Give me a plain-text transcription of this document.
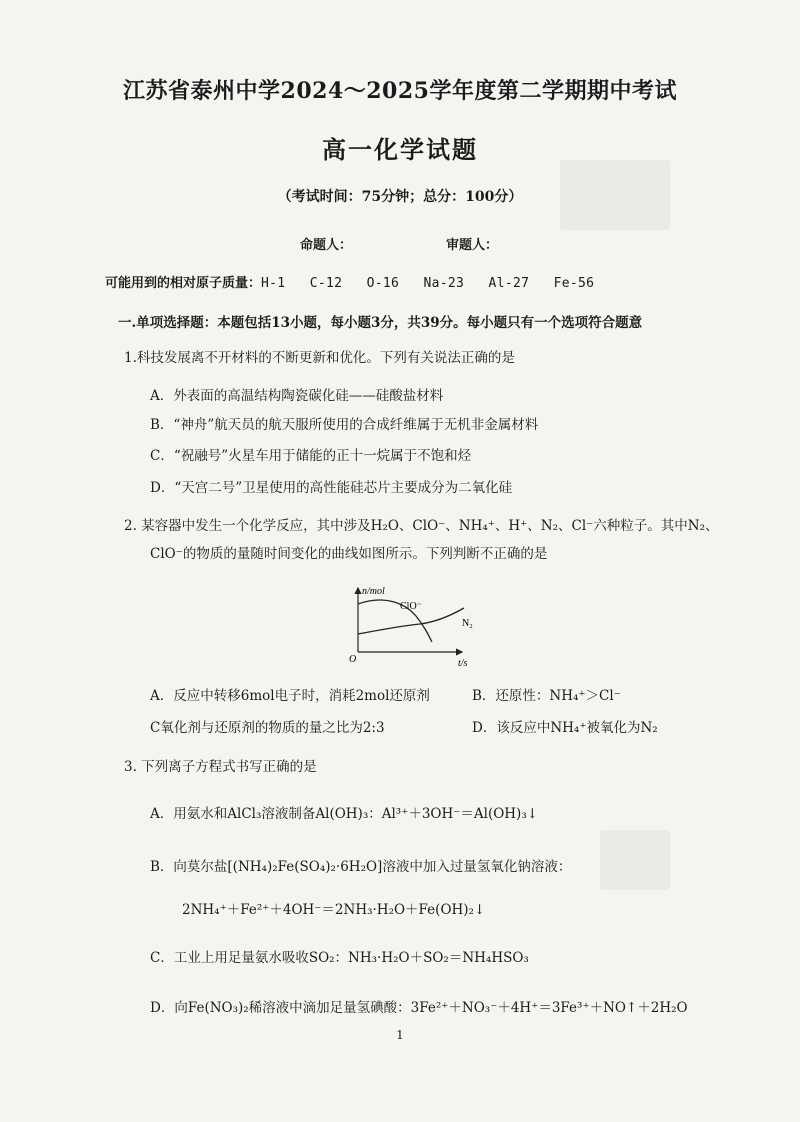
江苏省泰州中学2024～2025学年度第二学期期中考试
高一化学试题
（考试时间：75分钟；总分：100分）
命题人：	审题人：
可能用到的相对原子质量：H-1   C-12   O-16   Na-23   Al-27   Fe-56
一.单项选择题：本题包括13小题，每小题3分，共39分。每小题只有一个选项符合题意
1.科技发展离不开材料的不断更新和优化。下列有关说法正确的是
A．外表面的高温结构陶瓷碳化硅——硅酸盐材料
B．“神舟”航天员的航天服所使用的合成纤维属于无机非金属材料
C．“祝融号”火星车用于储能的正十一烷属于不饱和烃
D．“天宫二号”卫星使用的高性能硅芯片主要成分为二氧化硅
2. 某容器中发生一个化学反应，其中涉及H₂O、ClO⁻、NH₄⁺、H⁺、N₂、Cl⁻六种粒子。其中N₂、
ClO⁻的物质的量随时间变化的曲线如图所示。下列判断不正确的是
n/mol
t/s
O
ClO⁻
N₂
A．反应中转移6mol电子时，消耗2mol还原剂	B．还原性：NH₄⁺＞Cl⁻
C氧化剂与还原剂的物质的量之比为2:3	D．该反应中NH₄⁺被氧化为N₂
3. 下列离子方程式书写正确的是
A．用氨水和AlCl₃溶液制备Al(OH)₃：Al³⁺＋3OH⁻＝Al(OH)₃↓
B．向莫尔盐[(NH₄)₂Fe(SO₄)₂·6H₂O]溶液中加入过量氢氧化钠溶液：
2NH₄⁺＋Fe²⁺＋4OH⁻＝2NH₃·H₂O＋Fe(OH)₂↓
C．工业上用足量氨水吸收SO₂：NH₃·H₂O＋SO₂＝NH₄HSO₃
D．向Fe(NO₃)₂稀溶液中滴加足量氢碘酸：3Fe²⁺＋NO₃⁻＋4H⁺＝3Fe³⁺＋NO↑＋2H₂O
1
